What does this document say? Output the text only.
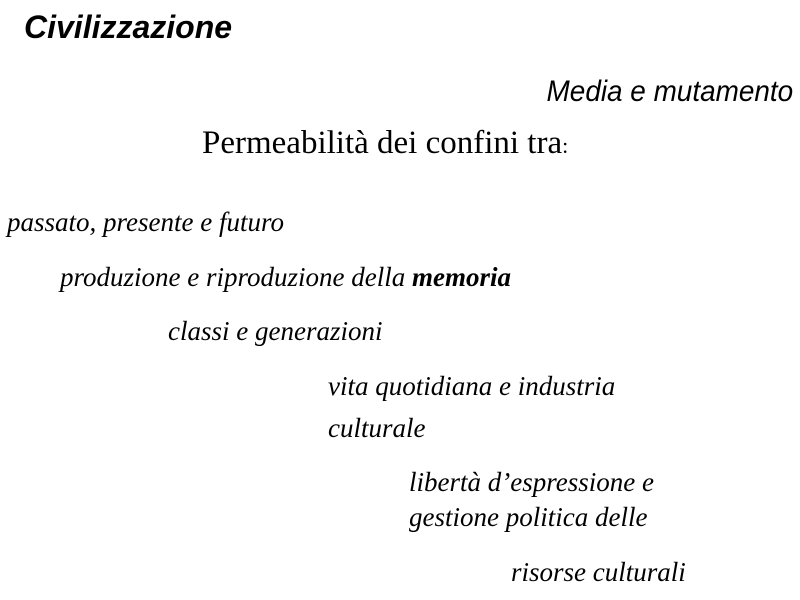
Civilizzazione
Media e mutamento
Permeabilità dei confini tra:
passato, presente e futuro
produzione e riproduzione della memoria
classi e generazioni
vita quotidiana e industria
culturale
libertà d’espressione e
gestione politica delle
risorse culturali
